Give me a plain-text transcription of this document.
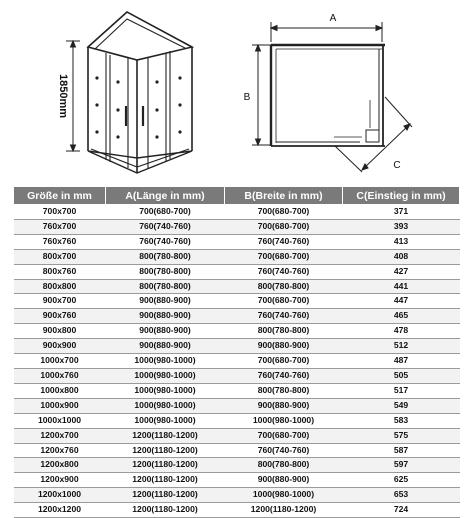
1850mm
A
B
C
Größe in mm	A(Länge in mm)	B(Breite in mm)	C(Einstieg in mm)
700x700	700(680-700)	700(680-700)	371
760x700	760(740-760)	700(680-700)	393
760x760	760(740-760)	760(740-760)	413
800x700	800(780-800)	700(680-700)	408
800x760	800(780-800)	760(740-760)	427
800x800	800(780-800)	800(780-800)	441
900x700	900(880-900)	700(680-700)	447
900x760	900(880-900)	760(740-760)	465
900x800	900(880-900)	800(780-800)	478
900x900	900(880-900)	900(880-900)	512
1000x700	1000(980-1000)	700(680-700)	487
1000x760	1000(980-1000)	760(740-760)	505
1000x800	1000(980-1000)	800(780-800)	517
1000x900	1000(980-1000)	900(880-900)	549
1000x1000	1000(980-1000)	1000(980-1000)	583
1200x700	1200(1180-1200)	700(680-700)	575
1200x760	1200(1180-1200)	760(740-760)	587
1200x800	1200(1180-1200)	800(780-800)	597
1200x900	1200(1180-1200)	900(880-900)	625
1200x1000	1200(1180-1200)	1000(980-1000)	653
1200x1200	1200(1180-1200)	1200(1180-1200)	724
